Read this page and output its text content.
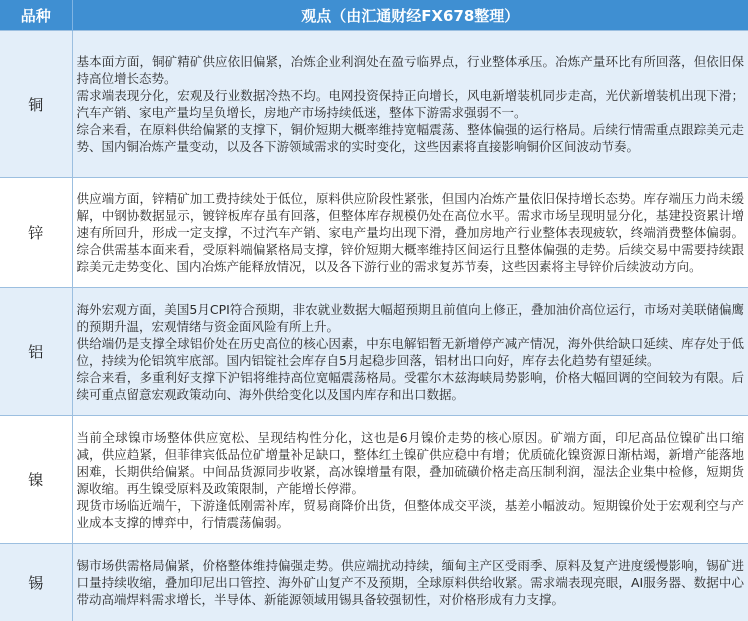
品种	观点（由汇通财经FX678整理）
铜	基本面方面，铜矿精矿供应依旧偏紧，冶炼企业利润处在盈亏临界点，行业整体承压。冶炼产量环比有所回落，但依旧保持高位增长态势。

需求端表现分化，宏观及行业数据冷热不均。电网投资保持正向增长，风电新增装机同步走高，光伏新增装机出现下滑；汽车产销、家电产量均呈负增长，房地产市场持续低迷，整体下游需求强弱不一。

综合来看，在原料供给偏紧的支撑下，铜价短期大概率维持宽幅震荡、整体偏强的运行格局。后续行情需重点跟踪美元走势、国内铜冶炼产量变动，以及各下游领域需求的实时变化，这些因素将直接影响铜价区间波动节奏。

锌	供应端方面，锌精矿加工费持续处于低位，原料供应阶段性紧张，但国内冶炼产量依旧保持增长态势。库存端压力尚未缓解，中钢协数据显示，镀锌板库存虽有回落，但整体库存规模仍处在高位水平。需求市场呈现明显分化，基建投资累计增速有所回升，形成一定支撑，不过汽车产销、家电产量均出现下滑，叠加房地产行业整体表现疲软，终端消费整体偏弱。综合供需基本面来看，受原料端偏紧格局支撑，锌价短期大概率维持区间运行且整体偏强的走势。后续交易中需要持续跟踪美元走势变化、国内冶炼产能释放情况，以及各下游行业的需求复苏节奏，这些因素将主导锌价后续波动方向。

铝	海外宏观方面，美国5月CPI符合预期，非农就业数据大幅超预期且前值向上修正，叠加油价高位运行，市场对美联储偏鹰的预期升温，宏观情绪与资金面风险有所上升。

供给端仍是支撑全球铝价处在历史高位的核心因素，中东电解铝暂无新增停产减产情况，海外供给缺口延续、库存处于低位，持续为伦铝筑牢底部。国内铝锭社会库存自5月起稳步回落，铝材出口向好，库存去化趋势有望延续。

综合来看，多重利好支撑下沪铝将维持高位宽幅震荡格局。受霍尔木兹海峡局势影响，价格大幅回调的空间较为有限。后续可重点留意宏观政策动向、海外供给变化以及国内库存和出口数据。

镍	当前全球镍市场整体供应宽松、呈现结构性分化，这也是6月镍价走势的核心原因。矿端方面，印尼高品位镍矿出口缩减，供应趋紧，但菲律宾低品位矿增量补足缺口，整体红土镍矿供应稳中有增；优质硫化镍资源日渐枯竭，新增产能落地困难，长期供给偏紧。中间品货源同步收紧，高冰镍增量有限，叠加硫磺价格走高压制利润，湿法企业集中检修，短期货源收缩。再生镍受原料及政策限制，产能增长停滞。

现货市场临近端午，下游逢低刚需补库，贸易商降价出货，但整体成交平淡，基差小幅波动。短期镍价处于宏观利空与产业成本支撑的博弈中，行情震荡偏弱。

锡	锡市场供需格局偏紧，价格整体维持偏强走势。供应端扰动持续，缅甸主产区受雨季、原料及复产进度缓慢影响，锡矿进口量持续收缩，叠加印尼出口管控、海外矿山复产不及预期，全球原料供给收紧。需求端表现亮眼，AI服务器、数据中心带动高端焊料需求增长，半导体、新能源领域用锡具备较强韧性，对价格形成有力支撑。
